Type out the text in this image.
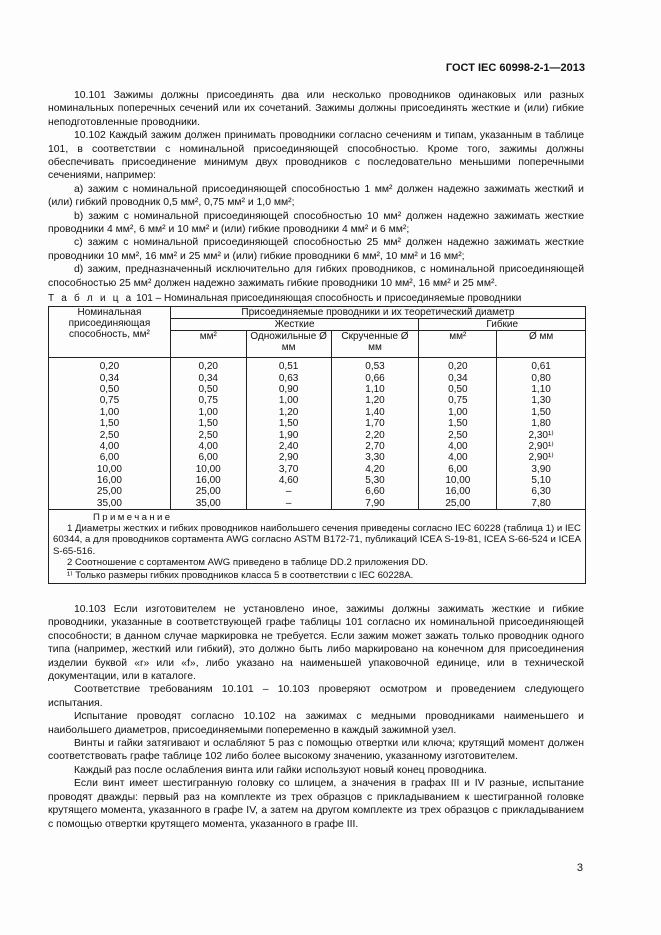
ГОСТ IEC 60998-2-1—2013

10.101 Зажимы должны присоединять два или несколько проводников одинаковых или разных номинальных поперечных сечений или их сочетаний. Зажимы должны присоединять жесткие и (или) гибкие неподготовленные проводники.

10.102 Каждый зажим должен принимать проводники согласно сечениям и типам, указанным в таблице 101, в соответствии с номинальной присоединяющей способностью. Кроме того, зажимы должны обеспечивать присоединение минимум двух проводников с последовательно меньшими поперечными сечениями, например:

a) зажим с номинальной присоединяющей способностью 1 мм² должен надежно зажимать жесткий и (или) гибкий проводник 0,5 мм², 0,75 мм² и 1,0 мм²;

b) зажим с номинальной присоединяющей способностью 10 мм² должен надежно зажимать жесткие проводники 4 мм², 6 мм² и 10 мм² и (или) гибкие проводники 4 мм² и 6 мм²;

c) зажим с номинальной присоединяющей способностью 25 мм² должен надежно зажимать жесткие проводники 10 мм², 16 мм² и 25 мм² и (или) гибкие проводники 6 мм², 10 мм² и 16 мм²;

d) зажим, предназначенный исключительно для гибких проводников, с номинальной присоединяющей способностью 25 мм² должен надежно зажимать гибкие проводники 10 мм², 16 мм² и 25 мм².

Т а б л и ц а 101 – Номинальная присоединяющая способность и присоединяемые проводники
Номинальная присоединяющая способность, мм²	Присоединяемые проводники и их теоретический диаметр				
	Жесткие			Гибкие	
	мм²	Одножильные Ø мм	Скрученные Ø мм	мм²	Ø мм
0,20	0,20	0,51	0,53	0,20	0,61
0,34	0,34	0,63	0,66	0,34	0,80
0,50	0,50	0,90	1,10	0,50	1,10
0,75	0,75	1,00	1,20	0,75	1,30
1,00	1,00	1,20	1,40	1,00	1,50
1,50	1,50	1,50	1,70	1,50	1,80
2,50	2,50	1,90	2,20	2,50	2,30¹⁾
4,00	4,00	2,40	2,70	4,00	2,90¹⁾
6,00	6,00	2,90	3,30	4,00	2,90¹⁾
10,00	10,00	3,70	4,20	6,00	3,90
16,00	16,00	4,60	5,30	10,00	5,10
25,00	25,00	–	6,60	16,00	6,30
35,00	35,00	–	7,90	25,00	7,80

Примечание
1 Диаметры жестких и гибких проводников наибольшего сечения приведены согласно IEC 60228 (таблица 1) и IEC 60344, а для проводников сортамента AWG согласно ASTM B172-71, публикаций ICEA S-19-81, ICEA S-66-524 и ICEA S-65-516.
2 Соотношение с сортаментом AWG приведено в таблице DD.2 приложения DD.
¹⁾ Только размеры гибких проводников класса 5 в соответствии с IEC 60228A.					

10.103 Если изготовителем не установлено иное, зажимы должны зажимать жесткие и гибкие проводники, указанные в соответствующей графе таблицы 101 согласно их номинальной присоединяющей способности; в данном случае маркировка не требуется. Если зажим может зажать только проводник одного типа (например, жесткий или гибкий), это должно быть либо маркировано на конечном для присоединения изделии буквой «r» или «f», либо указано на наименьшей упаковочной единице, или в технической документации, или в каталоге.

Соответствие требованиям 10.101 – 10.103 проверяют осмотром и проведением следующего испытания.

Испытание проводят согласно 10.102 на зажимах с медными проводниками наименьшего и наибольшего диаметров, присоединяемыми попеременно в каждый зажимной узел.

Винты и гайки затягивают и ослабляют 5 раз с помощью отвертки или ключа; крутящий момент должен соответствовать графе таблице 102 либо более высокому значению, указанному изготовителем.

Каждый раз после ослабления винта или гайки используют новый конец проводника.

Если винт имеет шестигранную головку со шлицем, а значения в графах III и IV разные, испытание проводят дважды: первый раз на комплекте из трех образцов с прикладыванием к шестигранной головке крутящего момента, указанного в графе IV, а затем на другом комплекте из трех образцов с прикладыванием с помощью отвертки крутящего момента, указанного в графе III.

3
